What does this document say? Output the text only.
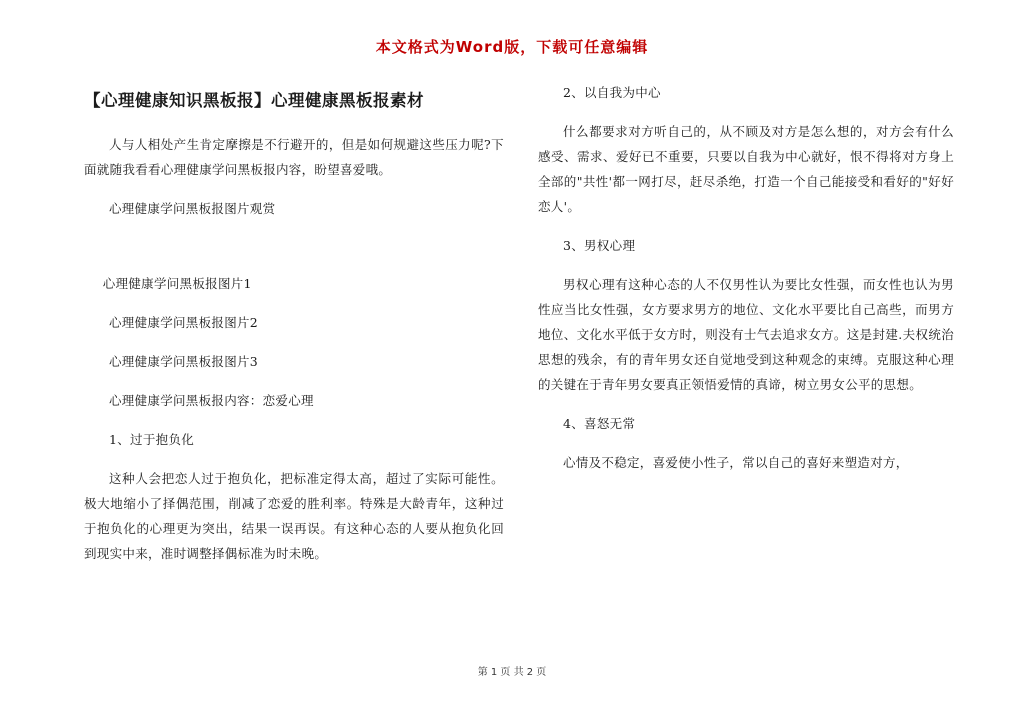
本文格式为Word版，下载可任意编辑
【心理健康知识黑板报】心理健康黑板报素材
人与人相处产生肯定摩擦是不行避开的，但是如何规避这些压力呢?下面就随我看看心理健康学问黑板报内容，盼望喜爱哦。
心理健康学问黑板报图片观赏
心理健康学问黑板报图片1
心理健康学问黑板报图片2
心理健康学问黑板报图片3
心理健康学问黑板报内容：恋爱心理
1、过于抱负化
这种人会把恋人过于抱负化，把标准定得太高，超过了实际可能性。极大地缩小了择偶范围，削减了恋爱的胜利率。特殊是大龄青年，这种过于抱负化的心理更为突出，结果一误再误。有这种心态的人要从抱负化回到现实中来，准时调整择偶标准为时未晚。
2、以自我为中心
什么都要求对方听自己的，从不顾及对方是怎么想的，对方会有什么感受、需求、爱好已不重要，只要以自我为中心就好，恨不得将对方身上全部的"共性'都一网打尽，赶尽杀绝，打造一个自己能接受和看好的"好好恋人'。
3、男权心理
男权心理有这种心态的人不仅男性认为要比女性强，而女性也认为男性应当比女性强，女方要求男方的地位、文化水平要比自己高些，而男方地位、文化水平低于女方时，则没有士气去追求女方。这是封建.夫权统治思想的残余，有的青年男女还自觉地受到这种观念的束缚。克服这种心理的关键在于青年男女要真正领悟爱情的真谛，树立男女公平的思想。
4、喜怒无常
心情及不稳定，喜爱使小性子，常以自己的喜好来塑造对方，
第 1 页 共 2 页
